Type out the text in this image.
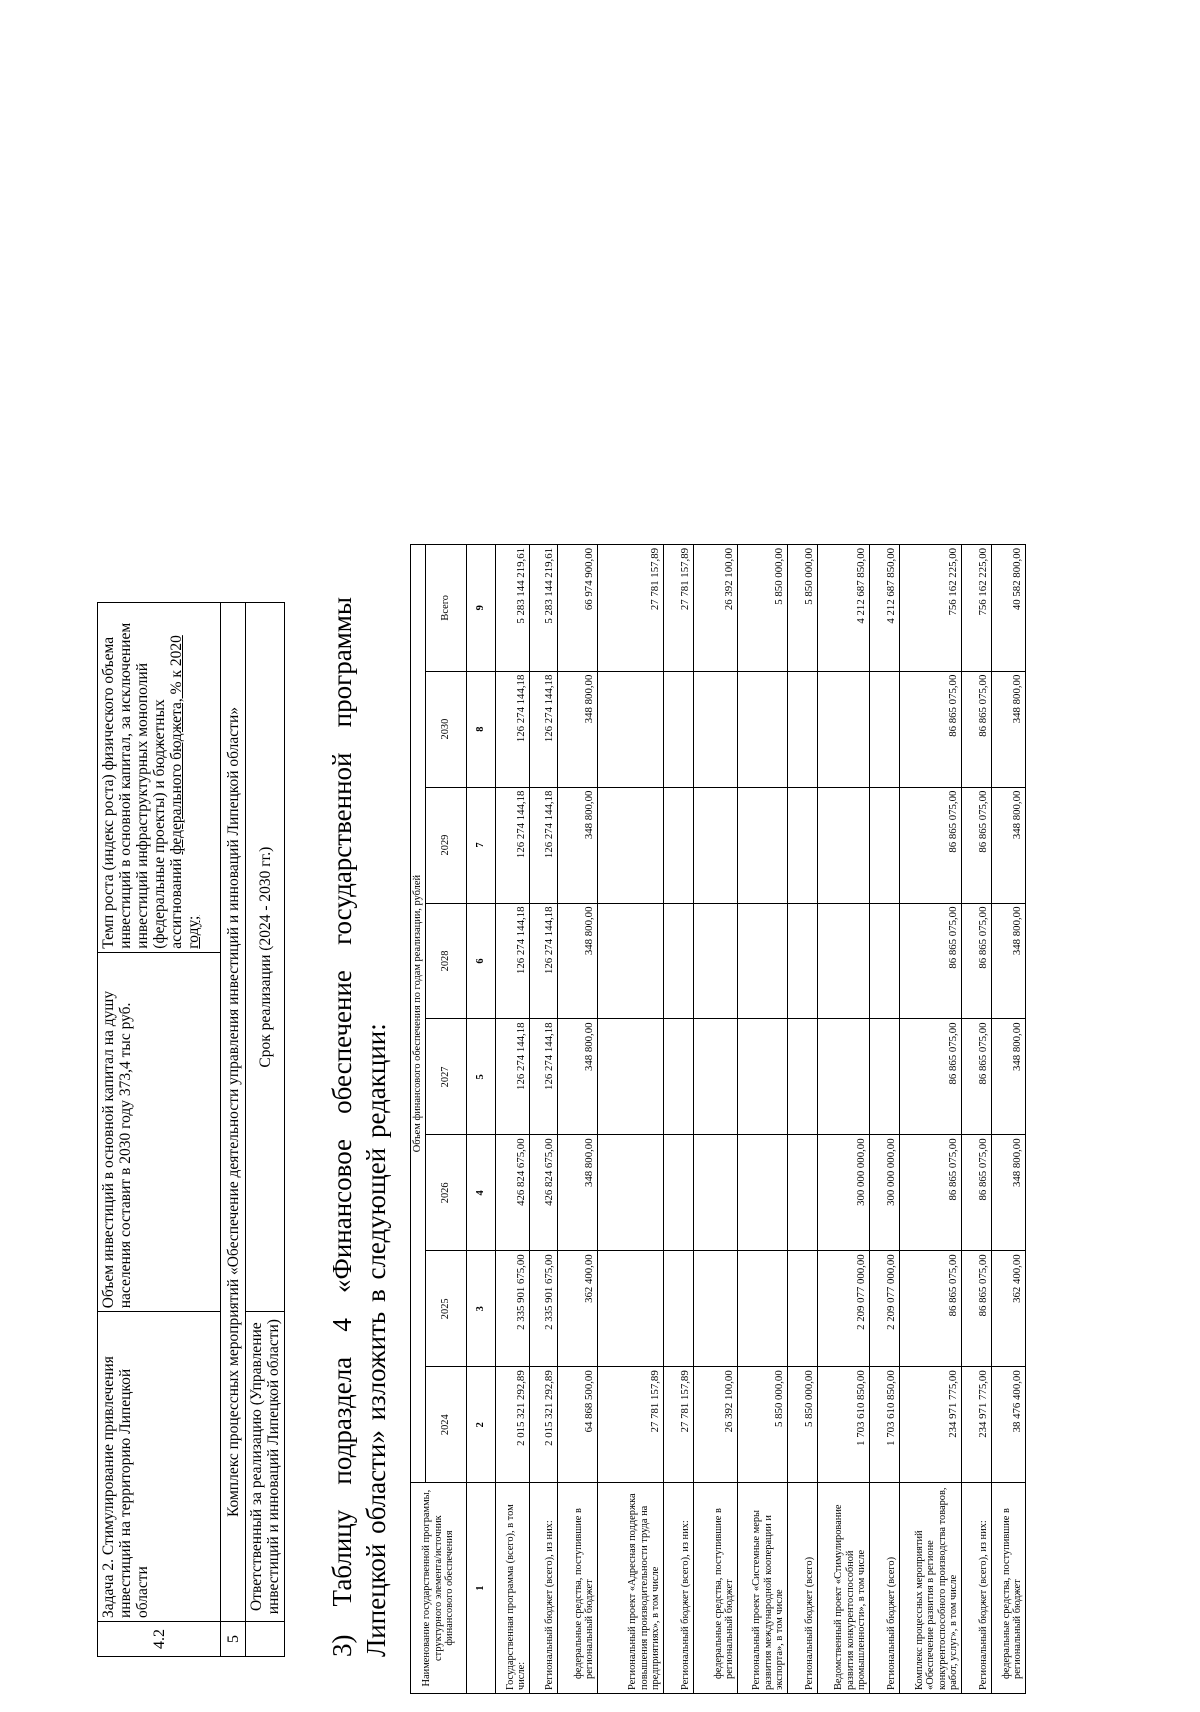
4.2	Задача 2. Стимулирование привлечения инвестиций на территорию Липецкой области	Объем инвестиций в основной капитал на душу населения составит в 2030 году 373,4 тыс руб.	Темп роста (индекс роста) физического объема инвестиций в основной капитал, за исключением инвестиций инфраструктурных монополий (федеральные проекты) и бюджетных ассигнований федерального бюджета, % к 2020 году;
5	Комплекс процессных мероприятий «Обеспечение деятельности управления инвестиций и инноваций Липецкой области»		
	Ответственный за реализацию (Управление инвестиций и инноваций Липецкой области)	Срок реализации (2024 - 2030 гг.)	
3)Таблицу подраздела 4 «Финансовое обеспечение государственной программы Липецкой области» изложить в следующей редакции:	Наименование государственной программы, структурного элемента/источник финансового обеспечения	Объем финансового обеспечения по годам реализации, рублей							
	2024	2025	2026	2027	2028	2029	2030	Всего
1	2	3	4	5	6	7	8	9
Государственная программа (всего), в том числе:	2 015 321 292,89	2 335 901 675,00	426 824 675,00	126 274 144,18	126 274 144,18	126 274 144,18	126 274 144,18	5 283 144 219,61
Региональный бюджет (всего), из них:	2 015 321 292,89	2 335 901 675,00	426 824 675,00	126 274 144,18	126 274 144,18	126 274 144,18	126 274 144,18	5 283 144 219,61
федеральные средства, поступившие в региональный бюджет	64 868 500,00	362 400,00	348 800,00	348 800,00	348 800,00	348 800,00	348 800,00	66 974 900,00
Региональный проект «Адресная поддержка повышения производительности труда на предприятиях», в том числе	27 781 157,89							27 781 157,89
Региональный бюджет (всего), из них:	27 781 157,89							27 781 157,89
федеральные средства, поступившие в региональный бюджет	26 392 100,00							26 392 100,00
Региональный проект «Системные меры развития международной кооперации и экспорта», в том числе	5 850 000,00							5 850 000,00
Региональный бюджет (всего)	5 850 000,00							5 850 000,00
Ведомственный проект «Стимулирование развития конкурентоспособной промышленности», в том числе	1 703 610 850,00	2 209 077 000,00	300 000 000,00					4 212 687 850,00
Региональный бюджет (всего)	1 703 610 850,00	2 209 077 000,00	300 000 000,00					4 212 687 850,00
Комплекс процессных мероприятий «Обеспечение развития в регионе конкурентоспособного производства товаров, работ, услуг», в том числе	234 971 775,00	86 865 075,00	86 865 075,00	86 865 075,00	86 865 075,00	86 865 075,00	86 865 075,00	756 162 225,00
Региональный бюджет (всего), из них:	234 971 775,00	86 865 075,00	86 865 075,00	86 865 075,00	86 865 075,00	86 865 075,00	86 865 075,00	756 162 225,00
федеральные средства, поступившие в региональный бюджет	38 476 400,00	362 400,00	348 800,00	348 800,00	348 800,00	348 800,00	348 800,00	40 582 800,00
